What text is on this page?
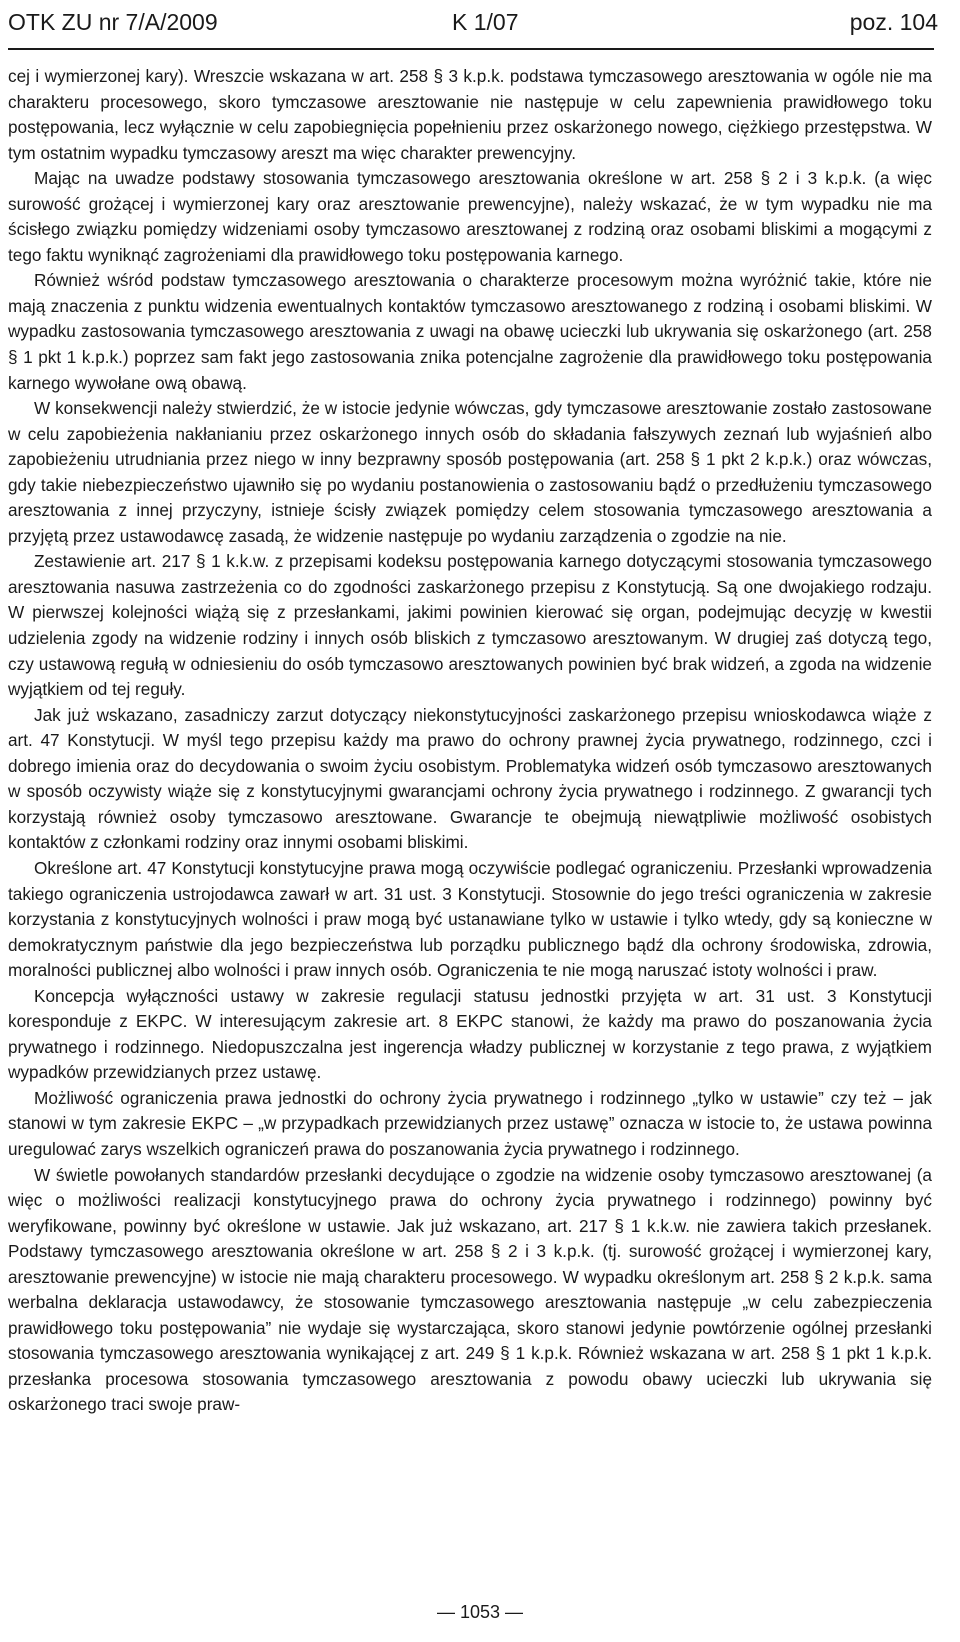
OTK ZU nr 7/A/2009	K 1/07	poz. 104

cej i wymierzonej kary). Wreszcie wskazana w art. 258 § 3 k.p.k. podstawa tymczasowego aresztowania w ogóle nie ma charakteru procesowego, skoro tymczasowe aresztowanie nie następuje w celu zapewnienia prawidłowego toku postępowania, lecz wyłącznie w celu zapobiegnięcia popełnieniu przez oskarżonego nowego, ciężkiego przestępstwa. W tym ostatnim wypadku tymczasowy areszt ma więc charakter prewencyjny.

Mając na uwadze podstawy stosowania tymczasowego aresztowania określone w art. 258 § 2 i 3 k.p.k. (a więc surowość grożącej i wymierzonej kary oraz aresztowanie prewencyjne), należy wskazać, że w tym wypadku nie ma ścisłego związku pomiędzy widzeniami osoby tymczasowo aresztowanej z rodziną oraz osobami bliskimi a mogącymi z tego faktu wyniknąć zagrożeniami dla prawidłowego toku postępowania karnego.

Również wśród podstaw tymczasowego aresztowania o charakterze procesowym można wyróżnić takie, które nie mają znaczenia z punktu widzenia ewentualnych kontaktów tymczasowo aresztowanego z rodziną i osobami bliskimi. W wypadku zastosowania tymczasowego aresztowania z uwagi na obawę ucieczki lub ukrywania się oskarżonego (art. 258 § 1 pkt 1 k.p.k.) poprzez sam fakt jego zastosowania znika potencjalne zagrożenie dla prawidłowego toku postępowania karnego wywołane ową obawą.

W konsekwencji należy stwierdzić, że w istocie jedynie wówczas, gdy tymczasowe aresztowanie zostało zastosowane w celu zapobieżenia nakłanianiu przez oskarżonego innych osób do składania fałszywych zeznań lub wyjaśnień albo zapobieżeniu utrudniania przez niego w inny bezprawny sposób postępowania (art. 258 § 1 pkt 2 k.p.k.) oraz wówczas, gdy takie niebezpieczeństwo ujawniło się po wydaniu postanowienia o zastosowaniu bądź o przedłużeniu tymczasowego aresztowania z innej przyczyny, istnieje ścisły związek pomiędzy celem stosowania tymczasowego aresztowania a przyjętą przez ustawodawcę zasadą, że widzenie następuje po wydaniu zarządzenia o zgodzie na nie.

Zestawienie art. 217 § 1 k.k.w. z przepisami kodeksu postępowania karnego dotyczącymi stosowania tymczasowego aresztowania nasuwa zastrzeżenia co do zgodności zaskarżonego przepisu z Konstytucją. Są one dwojakiego rodzaju. W pierwszej kolejności wiążą się z przesłankami, jakimi powinien kierować się organ, podejmując decyzję w kwestii udzielenia zgody na widzenie rodziny i innych osób bliskich z tymczasowo aresztowanym. W drugiej zaś dotyczą tego, czy ustawową regułą w odniesieniu do osób tymczasowo aresztowanych powinien być brak widzeń, a zgoda na widzenie wyjątkiem od tej reguły.

Jak już wskazano, zasadniczy zarzut dotyczący niekonstytucyjności zaskarżonego przepisu wnioskodawca wiąże z art. 47 Konstytucji. W myśl tego przepisu każdy ma prawo do ochrony prawnej życia prywatnego, rodzinnego, czci i dobrego imienia oraz do decydowania o swoim życiu osobistym. Problematyka widzeń osób tymczasowo aresztowanych w sposób oczywisty wiąże się z konstytucyjnymi gwarancjami ochrony życia prywatnego i rodzinnego. Z gwarancji tych korzystają również osoby tymczasowo aresztowane. Gwarancje te obejmują niewątpliwie możliwość osobistych kontaktów z członkami rodziny oraz innymi osobami bliskimi.

Określone art. 47 Konstytucji konstytucyjne prawa mogą oczywiście podlegać ograniczeniu. Przesłanki wprowadzenia takiego ograniczenia ustrojodawca zawarł w art. 31 ust. 3 Konstytucji. Stosownie do jego treści ograniczenia w zakresie korzystania z konstytucyjnych wolności i praw mogą być ustanawiane tylko w ustawie i tylko wtedy, gdy są konieczne w demokratycznym państwie dla jego bezpieczeństwa lub porządku publicznego bądź dla ochrony środowiska, zdrowia, moralności publicznej albo wolności i praw innych osób. Ograniczenia te nie mogą naruszać istoty wolności i praw.

Koncepcja wyłączności ustawy w zakresie regulacji statusu jednostki przyjęta w art. 31 ust. 3 Konstytucji koresponduje z EKPC. W interesującym zakresie art. 8 EKPC stanowi, że każdy ma prawo do poszanowania życia prywatnego i rodzinnego. Niedopuszczalna jest ingerencja władzy publicznej w korzystanie z tego prawa, z wyjątkiem wypadków przewidzianych przez ustawę.

Możliwość ograniczenia prawa jednostki do ochrony życia prywatnego i rodzinnego „tylko w ustawie” czy też – jak stanowi w tym zakresie EKPC – „w przypadkach przewidzianych przez ustawę” oznacza w istocie to, że ustawa powinna uregulować zarys wszelkich ograniczeń prawa do poszanowania życia prywatnego i rodzinnego.

W świetle powołanych standardów przesłanki decydujące o zgodzie na widzenie osoby tymczasowo aresztowanej (a więc o możliwości realizacji konstytucyjnego prawa do ochrony życia prywatnego i rodzinnego) powinny być weryfikowane, powinny być określone w ustawie. Jak już wskazano, art. 217 § 1 k.k.w. nie zawiera takich przesłanek. Podstawy tymczasowego aresztowania określone w art. 258 § 2 i 3 k.p.k. (tj. surowość grożącej i wymierzonej kary, aresztowanie prewencyjne) w istocie nie mają charakteru procesowego. W wypadku określonym art. 258 § 2 k.p.k. sama werbalna deklaracja ustawodawcy, że stosowanie tymczasowego aresztowania następuje „w celu zabezpieczenia prawidłowego toku postępowania” nie wydaje się wystarczająca, skoro stanowi jedynie powtórzenie ogólnej przesłanki stosowania tymczasowego aresztowania wynikającej z art. 249 § 1 k.p.k. Również wskazana w art. 258 § 1 pkt 1 k.p.k. przesłanka procesowa stosowania tymczasowego aresztowania z powodu obawy ucieczki lub ukrywania się oskarżonego traci swoje praw-

— 1053 —
